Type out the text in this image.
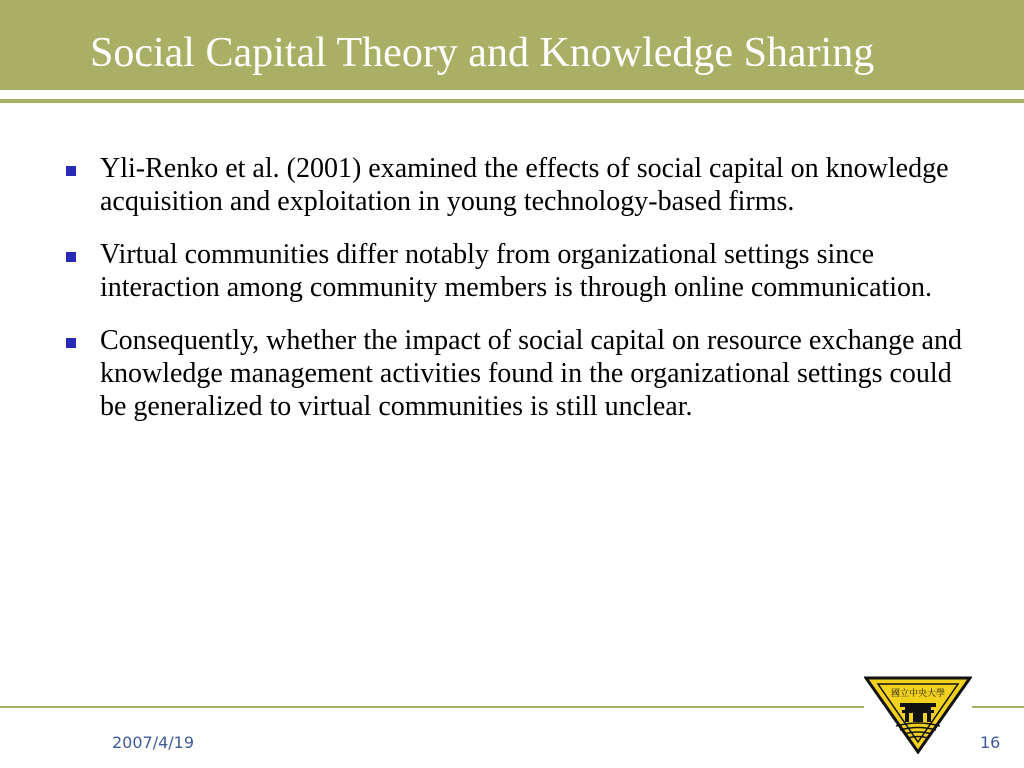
Social Capital Theory and Knowledge Sharing
Yli-Renko et al. (2001) examined the effects of social capital on knowledge acquisition and exploitation in young technology-based firms.
Virtual communities differ notably from organizational settings since interaction among community members is through online communication.
Consequently, whether the impact of social capital on resource exchange and knowledge management activities found in the organizational settings could be generalized to virtual communities is still unclear.
2007/4/19	16
國立中央大學
